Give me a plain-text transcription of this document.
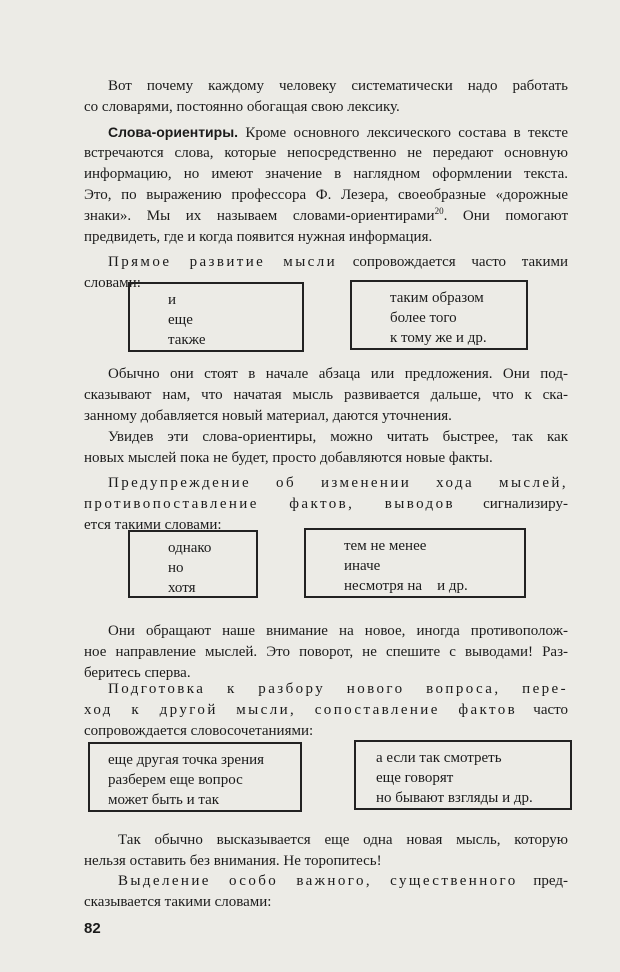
Вот почему каждому человеку систематически надо работать
со словарями, постоянно обогащая свою лексику.
Слова-ориентиры. Кроме основного лексического состава в тексте
встречаются слова, которые непосредственно не передают основную
информацию, но имеют значение в наглядном оформлении текста.
Это, по выражению профессора Ф. Лезера, своеобразные «дорожные
знаки». Мы их называем словами-ориентирами$^{20}$. Они помогают
предвидеть, где и когда появится нужная информация.
Прямое развитие мысли сопровождается часто такими
словами:
и
еще
также
таким образом
более того
к тому же и др.
Обычно они стоят в начале абзаца или предложения. Они под-
сказывают нам, что начатая мысль развивается дальше, что к ска-
занному добавляется новый материал, даются уточнения.
Увидев эти слова-ориентиры, можно читать быстрее, так как
новых мыслей пока не будет, просто добавляются новые факты.
Предупреждение об изменении хода мыслей,
противопоставление фактов, выводов сигнализиру-
ется такими словами:
однако
но
хотя
тем не менее
иначе
несмотря на    и др.
Они обращают наше внимание на новое, иногда противополож-
ное направление мыслей. Это поворот, не спешите с выводами! Раз-
беритесь сперва.
Подготовка к разбору нового вопроса, пере-
ход к другой мысли, сопоставление фактов часто
сопровождается словосочетаниями:
еще другая точка зрения
разберем еще вопрос
может быть и так
а если так смотреть
еще говорят
но бывают взгляды и др.
Так обычно высказывается еще одна новая мысль, которую
нельзя оставить без внимания. Не торопитесь!
Выделение особо важного, существенного пред-
сказывается такими словами:
82
